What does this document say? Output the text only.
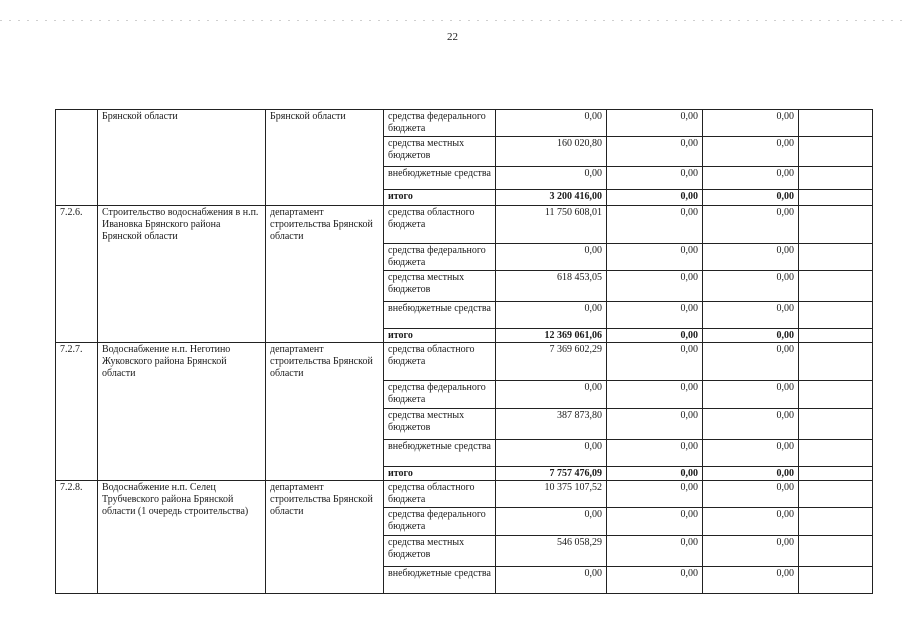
22
	Брянской области	Брянской области	средства федерального бюджета	0,00	0,00	0,00	
			средства местных бюджетов	160 020,80	0,00	0,00	
			внебюджетные средства	0,00	0,00	0,00	
			итого	3 200 416,00	0,00	0,00	
7.2.6.	Строительство водоснабжения в н.п. Ивановка Брянского района Брянской области	департамент строительства Брянской области	средства областного бюджета	11 750 608,01	0,00	0,00	
			средства федерального бюджета	0,00	0,00	0,00	
			средства местных бюджетов	618 453,05	0,00	0,00	
			внебюджетные средства	0,00	0,00	0,00	
			итого	12 369 061,06	0,00	0,00	
7.2.7.	Водоснабжение н.п. Неготино Жуковского района Брянской области	департамент строительства Брянской области	средства областного бюджета	7 369 602,29	0,00	0,00	
			средства федерального бюджета	0,00	0,00	0,00	
			средства местных бюджетов	387 873,80	0,00	0,00	
			внебюджетные средства	0,00	0,00	0,00	
			итого	7 757 476,09	0,00	0,00	
7.2.8.	Водоснабжение н.п. Селец Трубчевского района Брянской области (1 очередь строительства)	департамент строительства Брянской области	средства областного бюджета	10 375 107,52	0,00	0,00	
			средства федерального бюджета	0,00	0,00	0,00	
			средства местных бюджетов	546 058,29	0,00	0,00	
			внебюджетные средства	0,00	0,00	0,00	
